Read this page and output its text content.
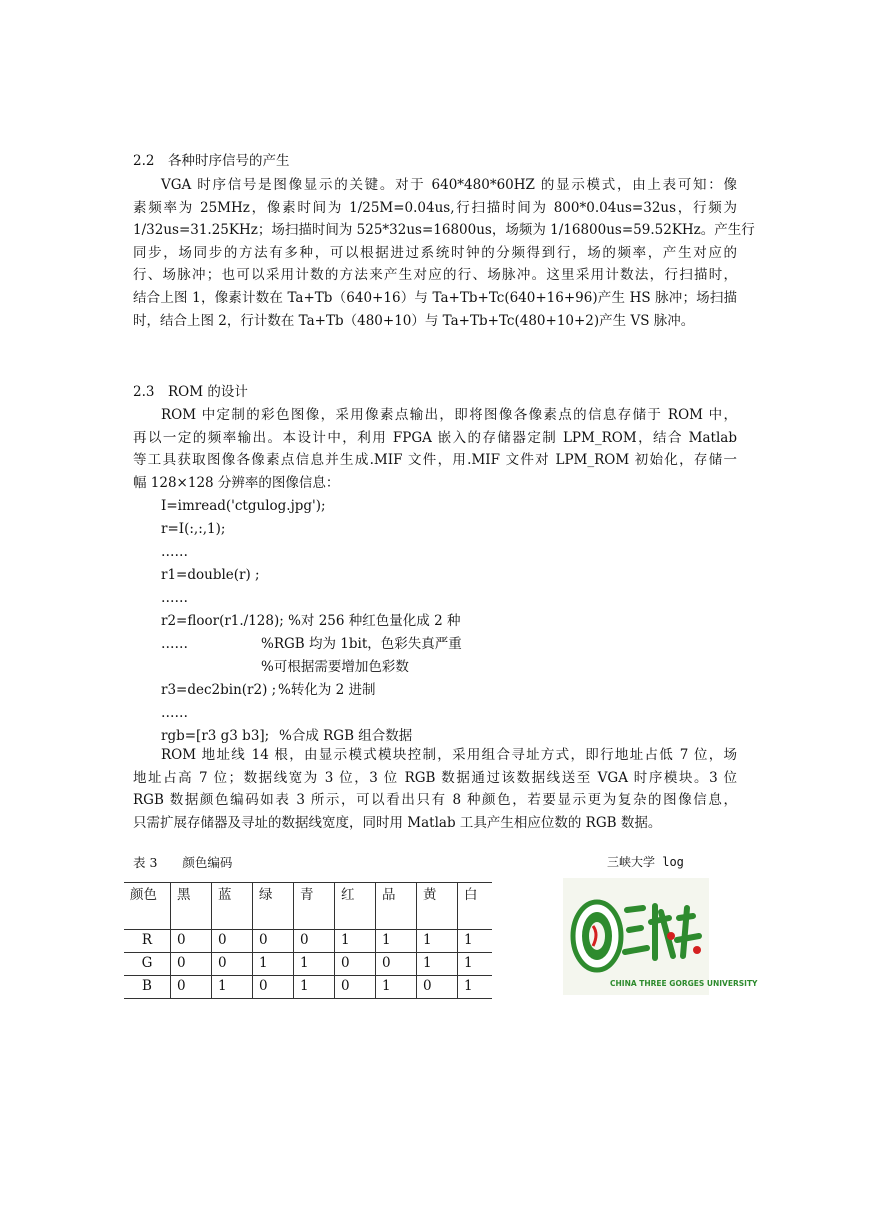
2.2　各种时序信号的产生
VGA 时序信号是图像显示的关键。对于 640*480*60HZ 的显示模式，由上表可知：像
素频率为 25MHz，像素时间为 1/25M=0.04us,行扫描时间为 800*0.04us=32us，行频为
1/32us=31.25KHz；场扫描时间为 525*32us=16800us，场频为 1/16800us=59.52KHz。产生行
同步，场同步的方法有多种，可以根据进过系统时钟的分频得到行，场的频率，产生对应的
行、场脉冲；也可以采用计数的方法来产生对应的行、场脉冲。这里采用计数法，行扫描时，
结合上图 1，像素计数在 Ta+Tb（640+16）与 Ta+Tb+Tc(640+16+96)产生 HS 脉冲；场扫描
时，结合上图 2，行计数在 Ta+Tb（480+10）与 Ta+Tb+Tc(480+10+2)产生 VS 脉冲。
2.3　ROM 的设计
ROM 中定制的彩色图像，采用像素点输出，即将图像各像素点的信息存储于 ROM 中，
再以一定的频率输出。本设计中，利用 FPGA 嵌入的存储器定制 LPM_ROM，结合 Matlab
等工具获取图像各像素点信息并生成.MIF 文件，用.MIF 文件对 LPM_ROM 初始化，存储一
幅 128×128 分辨率的图像信息：
I=imread('ctgulog.jpg');
r=I(:,:,1);
……
r1=double(r) ;
……
r2=floor(r1./128); %对 256 种红色量化成 2 种
……	%RGB 均为 1bit，色彩失真严重
%可根据需要增加色彩数
r3=dec2bin(r2) ; %转化为 2 进制
……
rgb=[r3 g3 b3]; %合成 RGB 组合数据
ROM 地址线 14 根，由显示模式模块控制，采用组合寻址方式，即行地址占低 7 位，场
地址占高 7 位；数据线宽为 3 位，3 位 RGB 数据通过该数据线送至 VGA 时序模块。3 位
RGB 数据颜色编码如表 3 所示，可以看出只有 8 种颜色，若要显示更为复杂的图像信息，
只需扩展存储器及寻址的数据线宽度，同时用 Matlab 工具产生相应位数的 RGB 数据。
表 3　　颜色编码
颜色	黑	蓝	绿	青	红	品	黄	白
R	0	0	0	0	1	1	1	1
G	0	0	1	1	0	0	1	1
B	0	1	0	1	0	1	0	1
三峡大学 log
CHINA THREE GORGES UNIVERSITY
